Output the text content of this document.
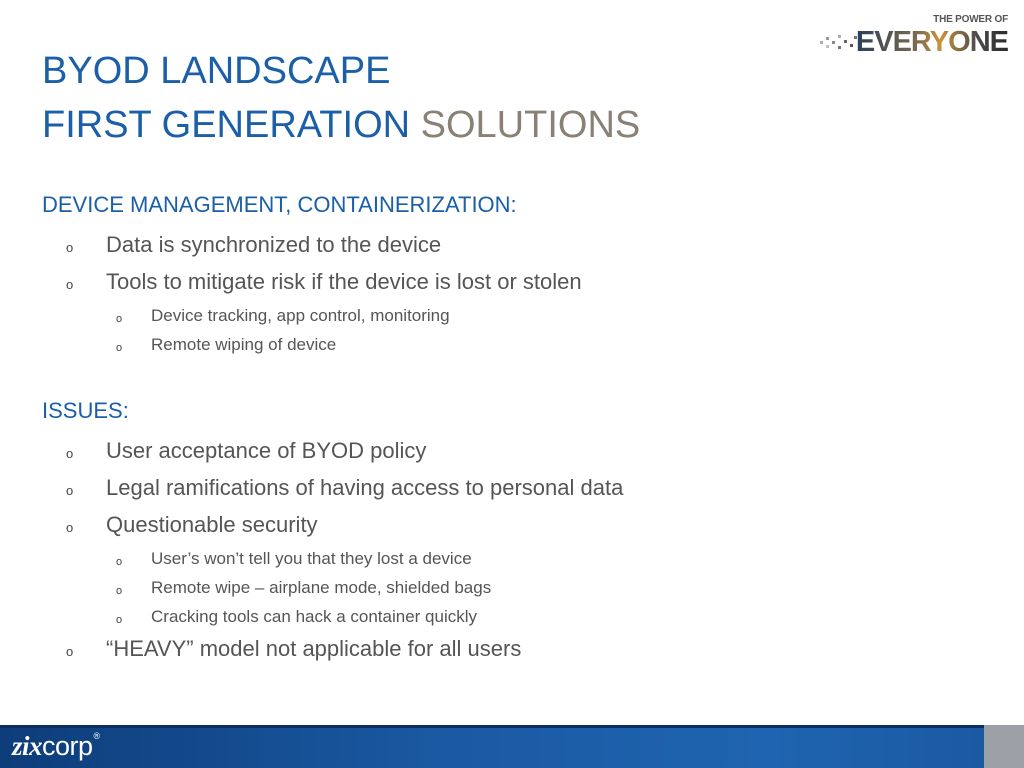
BYOD LANDSCAPE
FIRST GENERATION SOLUTIONS
THE POWER OF
EVERYONE
DEVICE MANAGEMENT, CONTAINERIZATION:
o Data is synchronized to the device
o Tools to mitigate risk if the device is lost or stolen
o Device tracking, app control, monitoring
o Remote wiping of device
ISSUES:
o User acceptance of BYOD policy
o Legal ramifications of having access to personal data
o Questionable security
o User’s won’t tell you that they lost a device
o Remote wipe – airplane mode, shielded bags
o Cracking tools can hack a container quickly
o “HEAVY” model not applicable for all users
zixcorp®
